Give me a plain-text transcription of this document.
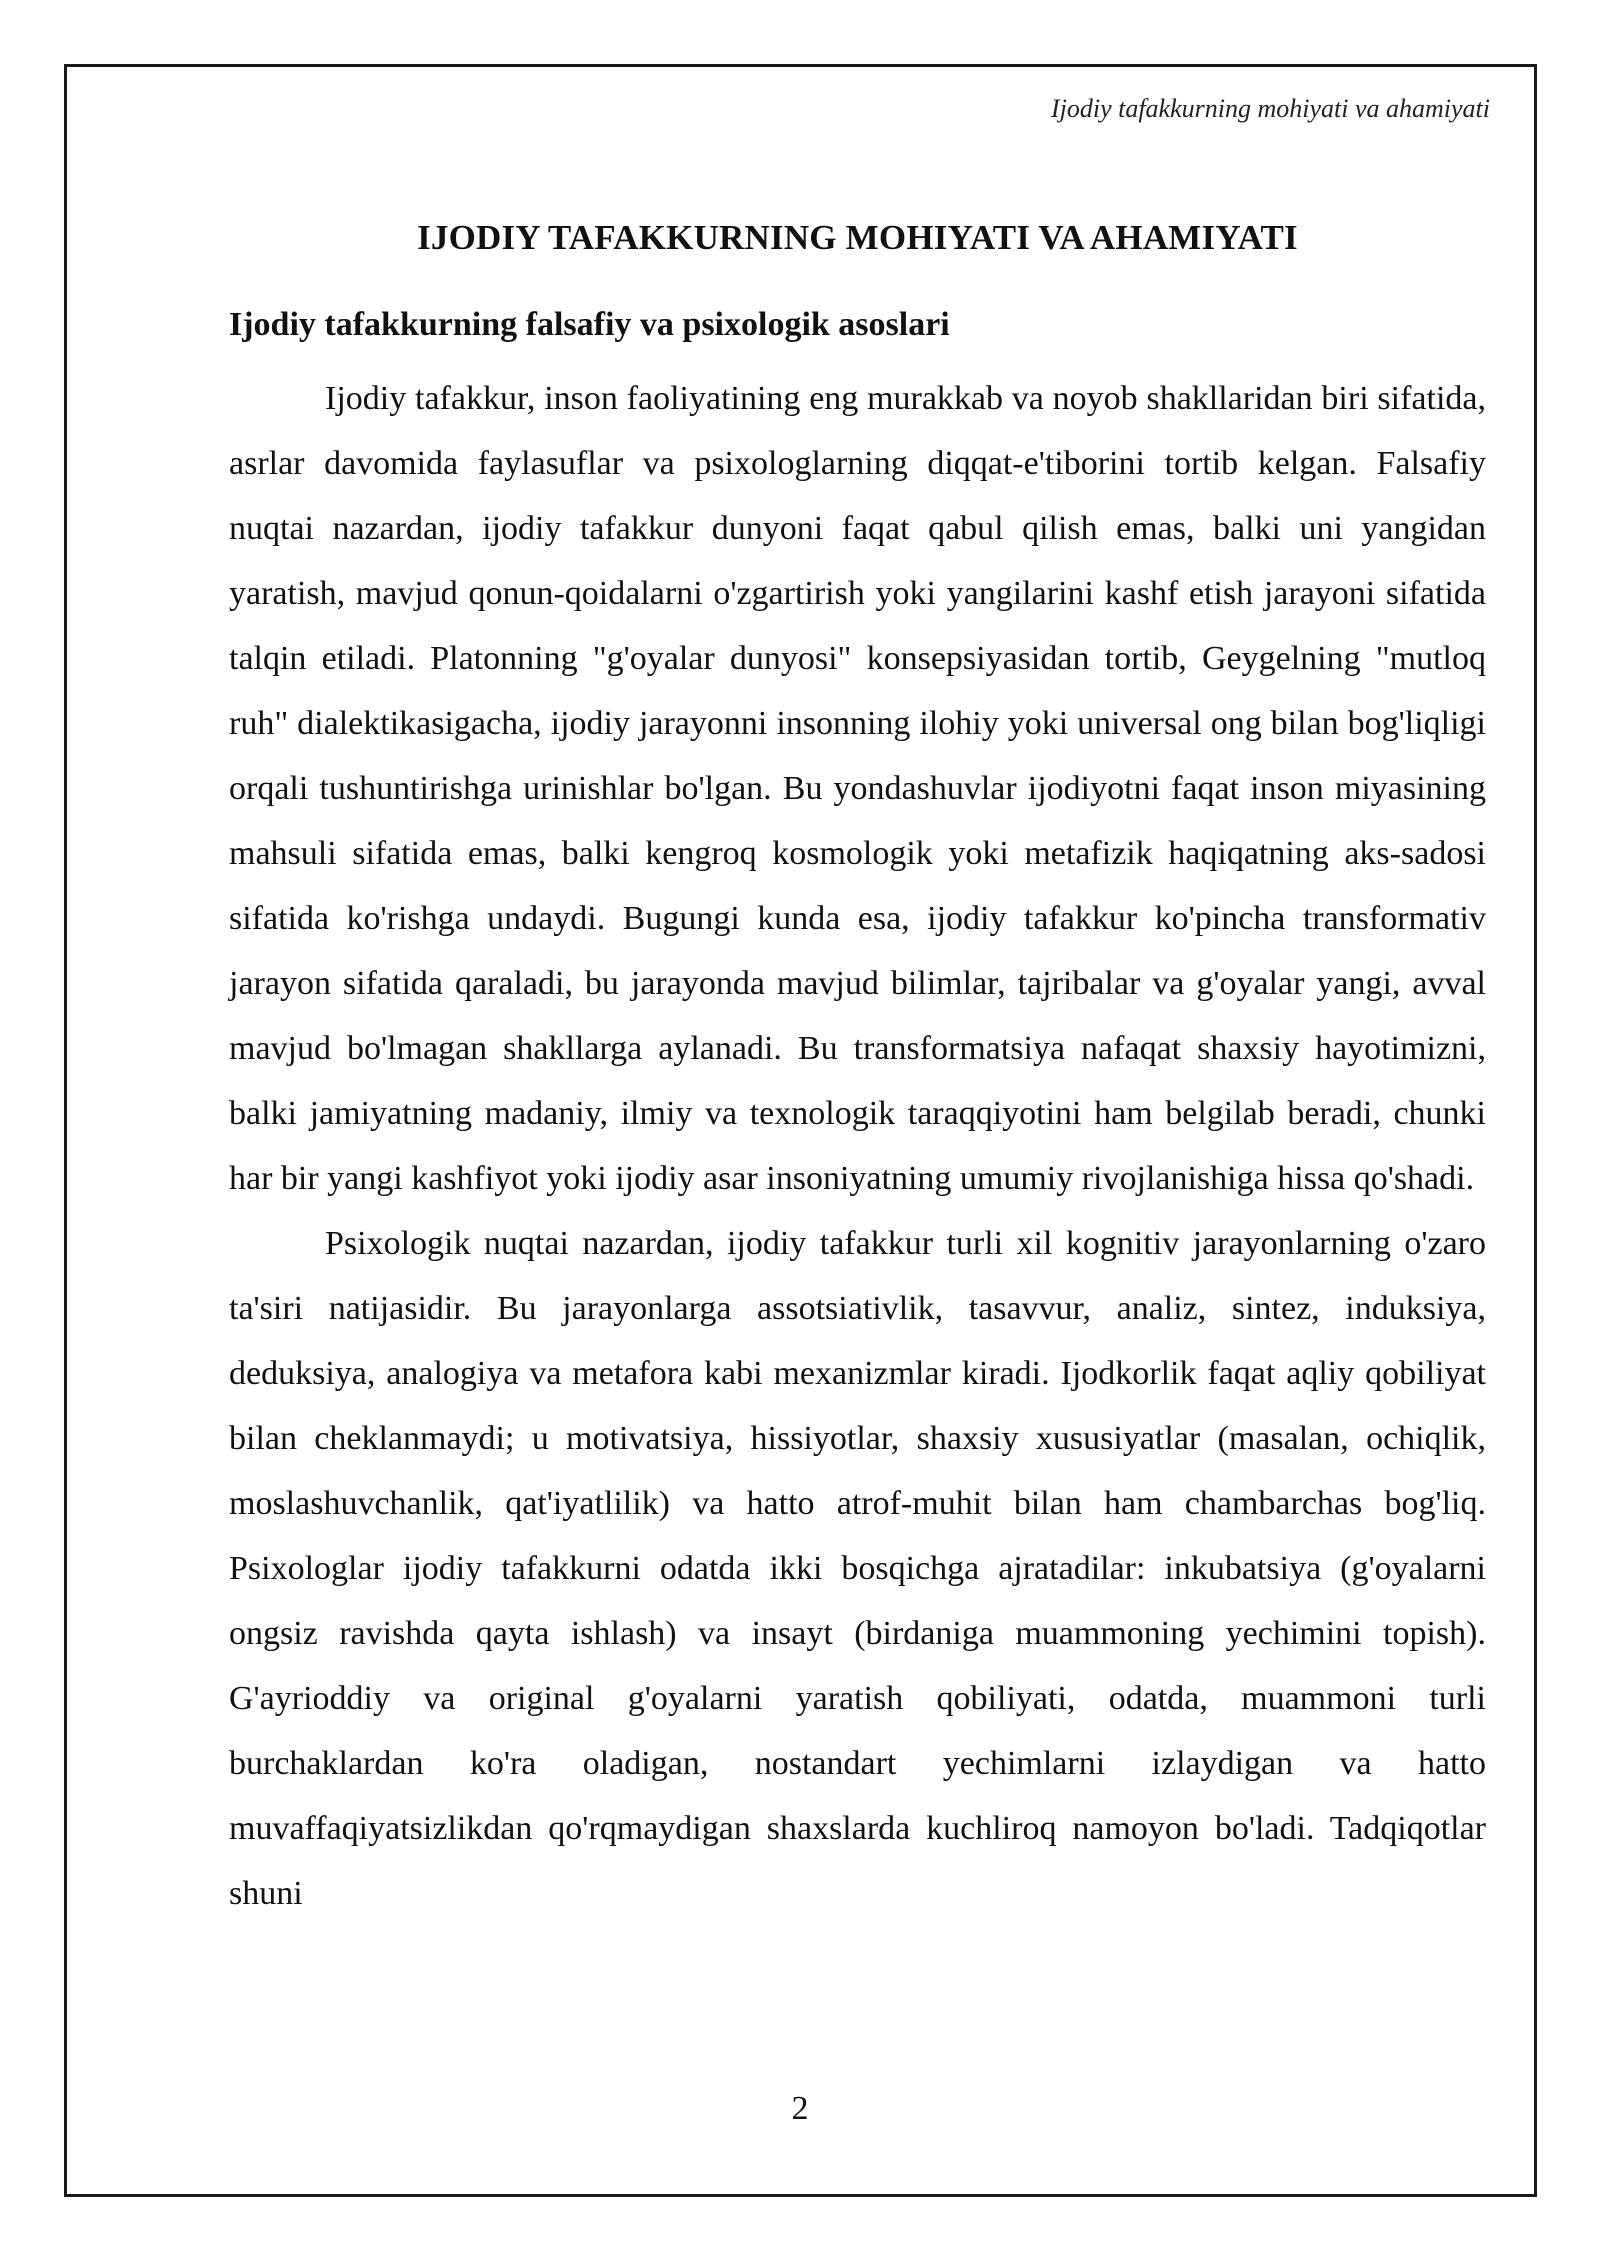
Ijodiy tafakkurning mohiyati va ahamiyati
IJODIY TAFAKKURNING MOHIYATI VA AHAMIYATI
Ijodiy tafakkurning falsafiy va psixologik asoslari

Ijodiy tafakkur, inson faoliyatining eng murakkab va noyob shakllaridan biri sifatida, asrlar davomida faylasuflar va psixologlarning diqqat-e'tiborini tortib kelgan. Falsafiy nuqtai nazardan, ijodiy tafakkur dunyoni faqat qabul qilish emas, balki uni yangidan yaratish, mavjud qonun-qoidalarni o'zgartirish yoki yangilarini kashf etish jarayoni sifatida talqin etiladi. Platonning "g'oyalar dunyosi" konsepsiyasidan tortib, Geygelning "mutloq ruh" dialektikasigacha, ijodiy jarayonni insonning ilohiy yoki universal ong bilan bog'liqligi orqali tushuntirishga urinishlar bo'lgan. Bu yondashuvlar ijodiyotni faqat inson miyasining mahsuli sifatida emas, balki kengroq kosmologik yoki metafizik haqiqatning aks-sadosi sifatida ko'rishga undaydi. Bugungi kunda esa, ijodiy tafakkur ko'pincha transformativ jarayon sifatida qaraladi, bu jarayonda mavjud bilimlar, tajribalar va g'oyalar yangi, avval mavjud bo'lmagan shakllarga aylanadi. Bu transformatsiya nafaqat shaxsiy hayotimizni, balki jamiyatning madaniy, ilmiy va texnologik taraqqiyotini ham belgilab beradi, chunki har bir yangi kashfiyot yoki ijodiy asar insoniyatning umumiy rivojlanishiga hissa qo'shadi.

Psixologik nuqtai nazardan, ijodiy tafakkur turli xil kognitiv jarayonlarning o'zaro ta'siri natijasidir. Bu jarayonlarga assotsiativlik, tasavvur, analiz, sintez, induksiya, deduksiya, analogiya va metafora kabi mexanizmlar kiradi. Ijodkorlik faqat aqliy qobiliyat bilan cheklanmaydi; u motivatsiya, hissiyotlar, shaxsiy xususiyatlar (masalan, ochiqlik, moslashuvchanlik, qat'iyatlilik) va hatto atrof-muhit bilan ham chambarchas bog'liq. Psixologlar ijodiy tafakkurni odatda ikki bosqichga ajratadilar: inkubatsiya (g'oyalarni ongsiz ravishda qayta ishlash) va insayt (birdaniga muammoning yechimini topish). G'ayrioddiy va original g'oyalarni yaratish qobiliyati, odatda, muammoni turli burchaklardan ko'ra oladigan, nostandart yechimlarni izlaydigan va hatto muvaffaqiyatsizlikdan qo'rqmaydigan shaxslarda kuchliroq namoyon bo'ladi. Tadqiqotlar shuni

2
